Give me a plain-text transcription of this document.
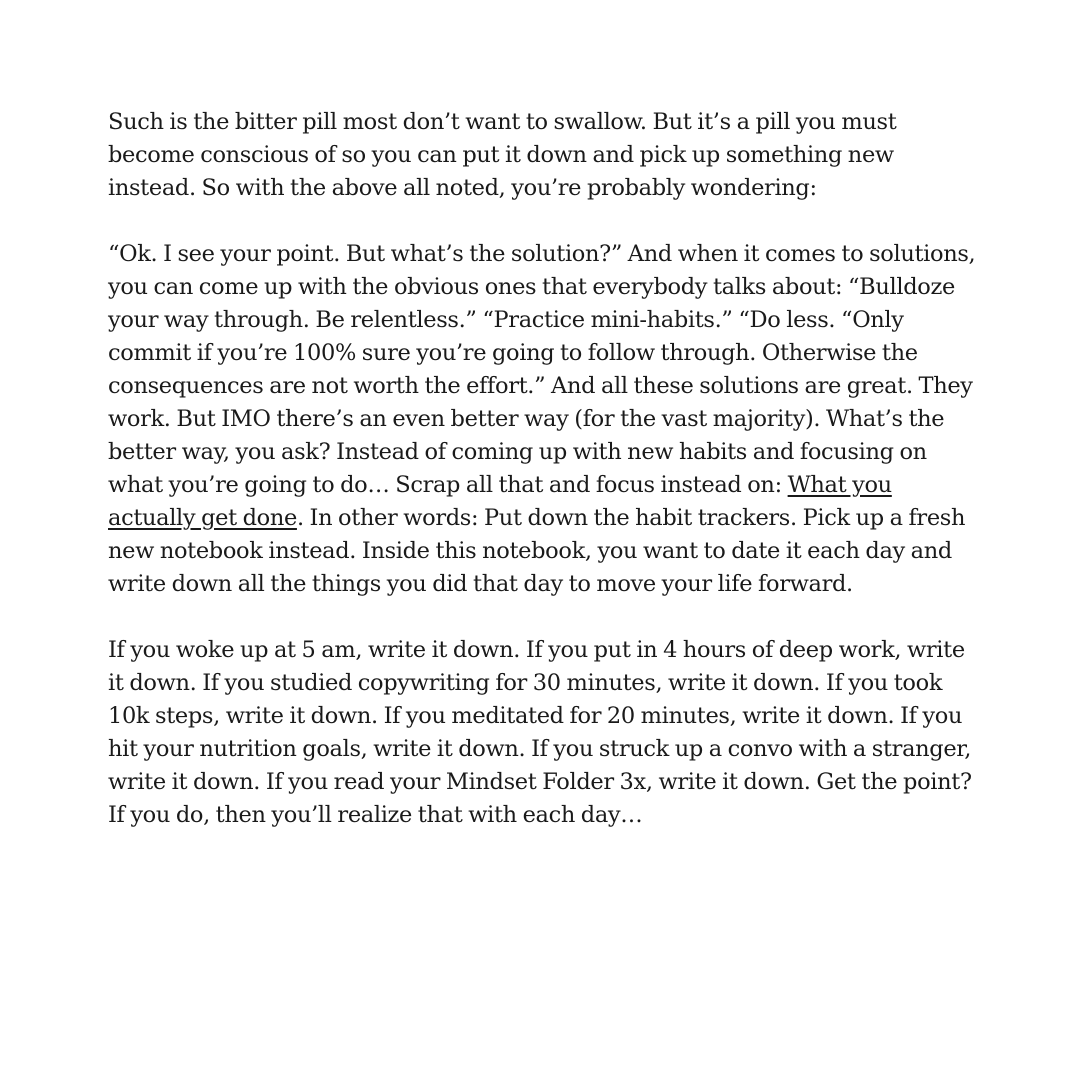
Such is the bitter pill most don’t want to swallow. But it’s a pill you must become conscious of so you can put it down and pick up something new instead. So with the above all noted, you’re probably wondering:

“Ok. I see your point. But what’s the solution?” And when it comes to solutions, you can come up with the obvious ones that everybody talks about: “Bulldoze your way through. Be relentless.” “Practice mini-habits.” “Do less. “Only commit if you’re 100% sure you’re going to follow through. Otherwise the consequences are not worth the effort.” And all these solutions are great. They work. But IMO there’s an even better way (for the vast majority). What’s the better way, you ask? Instead of coming up with new habits and focusing on what you’re going to do… Scrap all that and focus instead on: What you actually get done. In other words: Put down the habit trackers. Pick up a fresh new notebook instead. Inside this notebook, you want to date it each day and write down all the things you did that day to move your life forward.

If you woke up at 5 am, write it down. If you put in 4 hours of deep work, write it down. If you studied copywriting for 30 minutes, write it down. If you took 10k steps, write it down. If you meditated for 20 minutes, write it down. If you hit your nutrition goals, write it down. If you struck up a convo with a stranger, write it down. If you read your Mindset Folder 3x, write it down. Get the point? If you do, then you’ll realize that with each day…
